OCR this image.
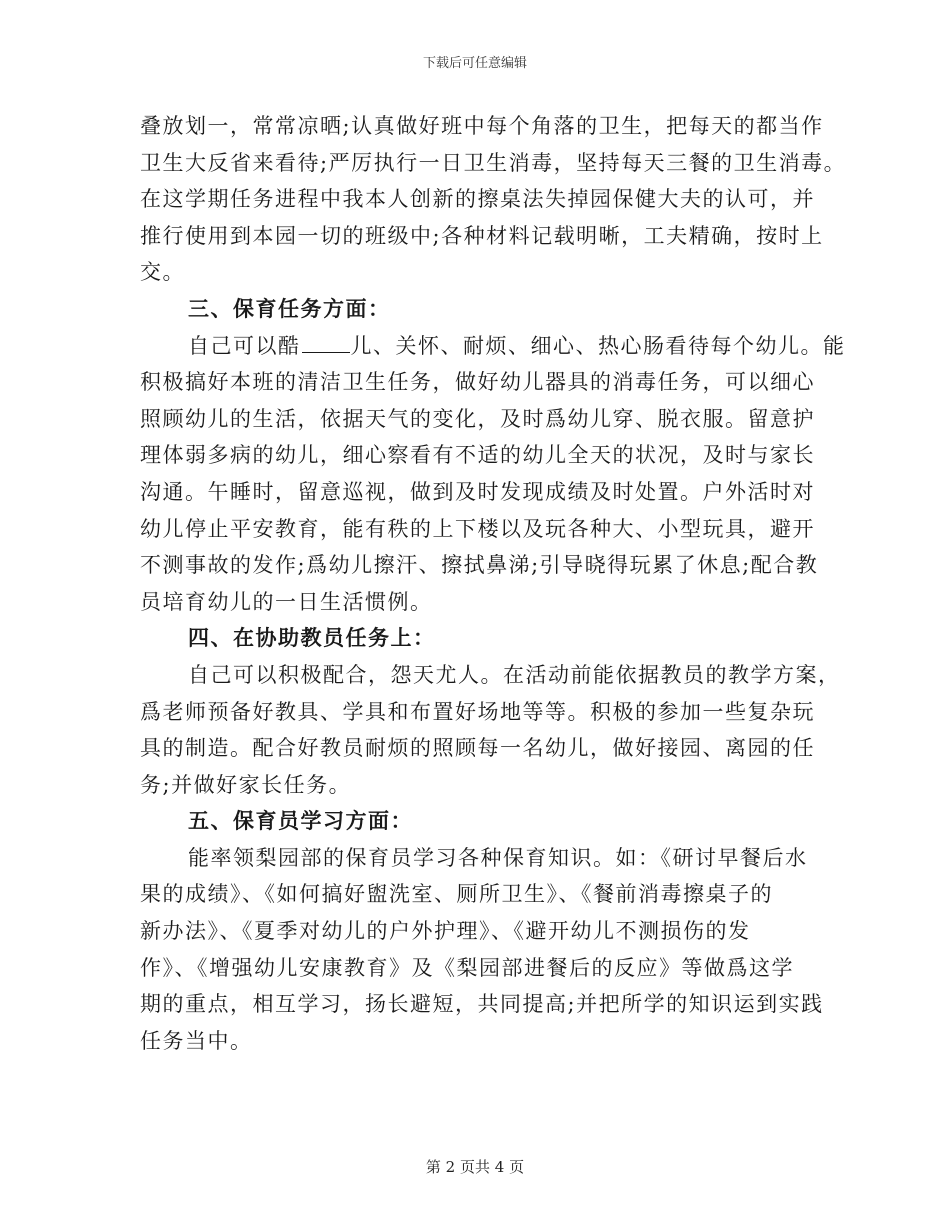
下载后可任意编辑
叠放划一，常常凉晒;认真做好班中每个角落的卫生，把每天的都当作
卫生大反省来看待;严厉执行一日卫生消毒，坚持每天三餐的卫生消毒。
在这学期任务进程中我本人创新的擦桌法失掉园保健大夫的认可，并
推行使用到本园一切的班级中;各种材料记载明晰，工夫精确，按时上
交。
三、保育任务方面：
自己可以酷 儿、关怀、耐烦、细心、热心肠看待每个幼儿。能
积极搞好本班的清洁卫生任务，做好幼儿器具的消毒任务，可以细心
照顾幼儿的生活，依据天气的变化，及时爲幼儿穿、脱衣服。留意护
理体弱多病的幼儿，细心察看有不适的幼儿全天的状况，及时与家长
沟通。午睡时，留意巡视，做到及时发现成绩及时处置。户外活时对
幼儿停止平安教育，能有秩的上下楼以及玩各种大、小型玩具，避开
不测事故的发作;爲幼儿擦汗、擦拭鼻涕;引导晓得玩累了休息;配合教
员培育幼儿的一日生活惯例。
四、在协助教员任务上：
自己可以积极配合，怨天尤人。在活动前能依据教员的教学方案，
爲老师预备好教具、学具和布置好场地等等。积极的参加一些复杂玩
具的制造。配合好教员耐烦的照顾每一名幼儿，做好接园、离园的任
务;并做好家长任务。
五、保育员学习方面：
能率领梨园部的保育员学习各种保育知识。如：《研讨早餐后水
果的成绩》、《如何搞好盥洗室、厕所卫生》、《餐前消毒擦桌子的
新办法》、《夏季对幼儿的户外护理》、《避开幼儿不测损伤的发
作》、《增强幼儿安康教育》及《梨园部进餐后的反应》等做爲这学
期的重点，相互学习，扬长避短，共同提高;并把所学的知识运到实践
任务当中。
第 2 页共 4 页
